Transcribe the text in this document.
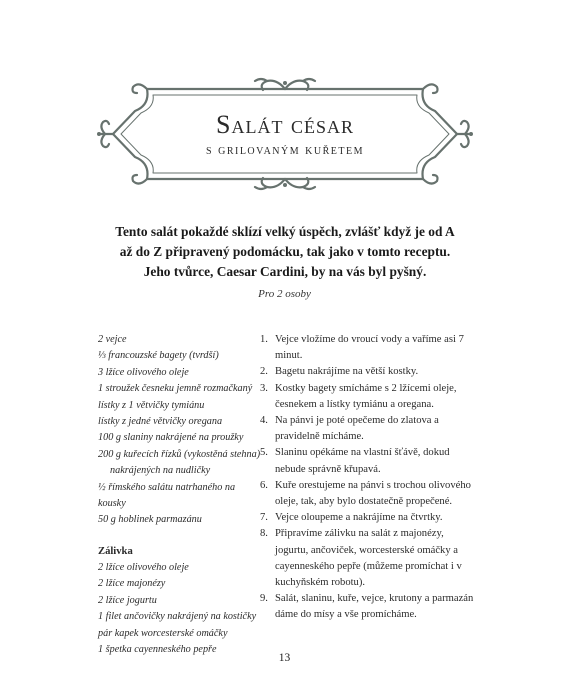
Salát césar
s grilovaným kuřetem
Tento salát pokaždé sklízí velký úspěch, zvlášť když je od A až do Z připravený podomácku, tak jako v tomto receptu. Jeho tvůrce, Caesar Cardini, by na vás byl pyšný.
Pro 2 osoby

2 vejce

⅓ francouzské bagety (tvrdší)

3 lžíce olivového oleje

1 stroužek česneku jemně rozmačkaný

lístky z 1 větvičky tymiánu

lístky z jedné větvičky oregana

100 g slaniny nakrájené na proužky

200 g kuřecích řízků (vykostěná stehna)

nakrájených na nudličky

½ římského salátu natrhaného na kousky

50 g hoblinek parmazánu

Zálivka

2 lžíce olivového oleje

2 lžíce majonézy

2 lžíce jogurtu

1 filet ančovičky nakrájený na kostičky

pár kapek worcesterské omáčky

1 špetka cayenneského pepře

1. Vejce vložíme do vroucí vody a vaříme asi 7 minut.
2. Bagetu nakrájíme na větší kostky.
3. Kostky bagety smícháme s 2 lžícemi oleje, česnekem a lístky tymiánu a oregana.
4. Na pánvi je poté opečeme do zlatova a pravidelně mícháme.
5. Slaninu opékáme na vlastní šťávě, dokud nebude správně křupavá.
6. Kuře orestujeme na pánvi s trochou olivového oleje, tak, aby bylo dostatečně propečené.
7. Vejce oloupeme a nakrájíme na čtvrtky.
8. Připravíme zálivku na salát z majonézy, jogurtu, ančoviček, worcesterské omáčky a cayenneského pepře (můžeme promíchat i v kuchyňském robotu).
9. Salát, slaninu, kuře, vejce, krutony a parmazán dáme do mísy a vše promícháme.
13
